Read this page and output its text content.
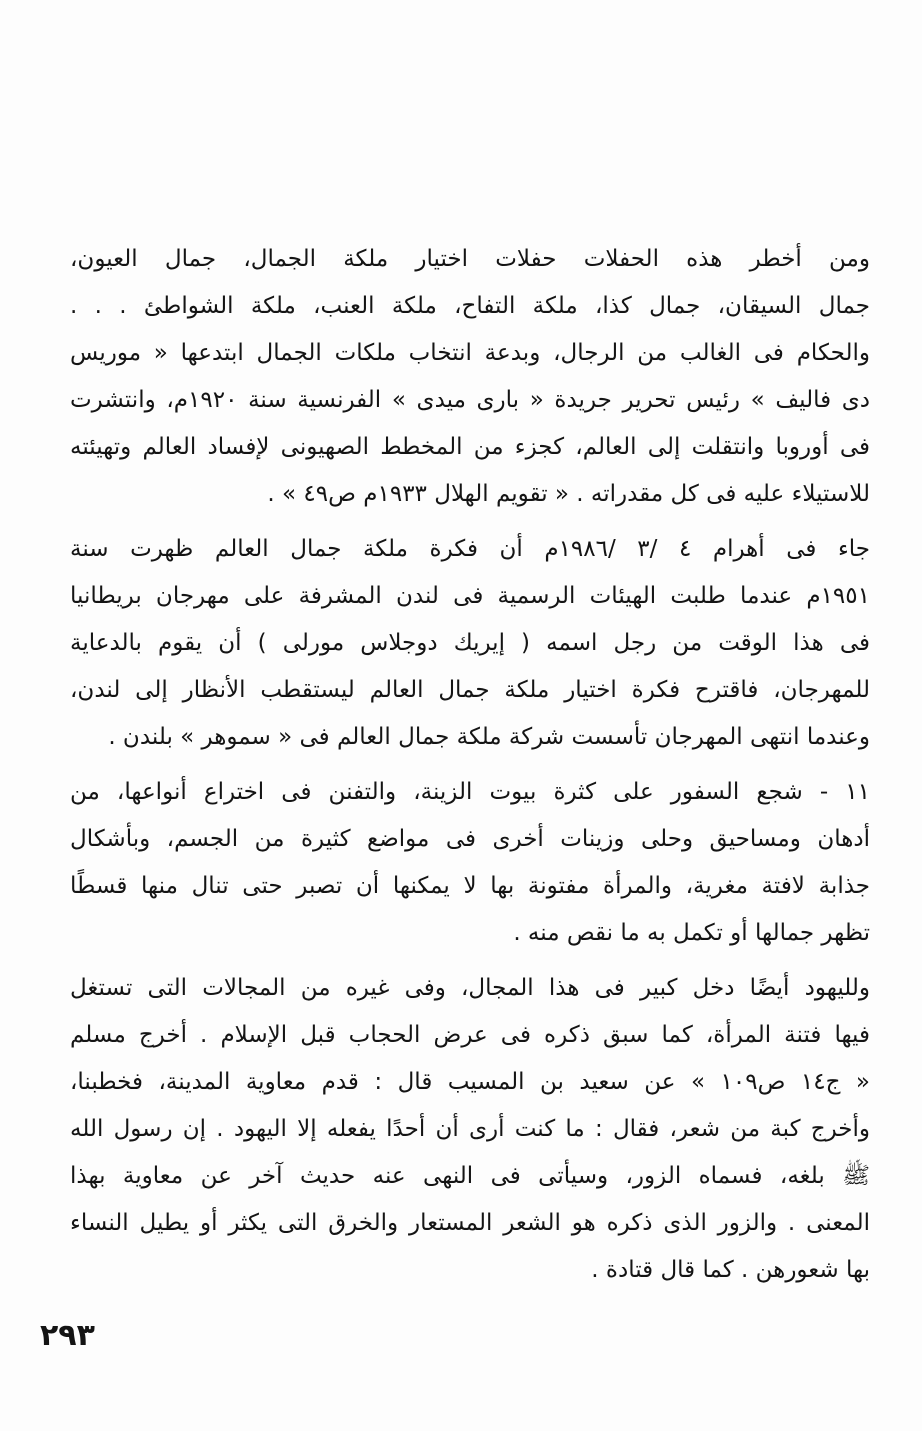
ومن أخطر هذه الحفلات حفلات اختيار ملكة الجمال، جمال العيون،
جمال السيقان، جمال كذا، ملكة التفاح، ملكة العنب، ملكة الشواطئ . . .
والحكام فى الغالب من الرجال، وبدعة انتخاب ملكات الجمال ابتدعها « موريس
دى فاليف » رئيس تحرير جريدة « بارى ميدى » الفرنسية سنة ١٩٢٠م، وانتشرت
فى أوروبا وانتقلت إلى العالم، كجزء من المخطط الصهيونى لإفساد العالم وتهيئته
للاستيلاء عليه فى كل مقدراته . « تقويم الهلال ١٩٣٣م ص٤٩ » .
جاء فى أهرام ٤ /٣ /١٩٨٦م أن فكرة ملكة جمال العالم ظهرت سنة
١٩٥١م عندما طلبت الهيئات الرسمية فى لندن المشرفة على مهرجان بريطانيا
فى هذا الوقت من رجل اسمه ( إيريك دوجلاس مورلى ) أن يقوم بالدعاية
للمهرجان، فاقترح فكرة اختيار ملكة جمال العالم ليستقطب الأنظار إلى لندن،
وعندما انتهى المهرجان تأسست شركة ملكة جمال العالم فى « سموهر » بلندن .
١١ - شجع السفور على كثرة بيوت الزينة، والتفنن فى اختراع أنواعها، من
أدهان ومساحيق وحلى وزينات أخرى فى مواضع كثيرة من الجسم، وبأشكال
جذابة لافتة مغرية، والمرأة مفتونة بها لا يمكنها أن تصبر حتى تنال منها قسطًا
تظهر جمالها أو تكمل به ما نقص منه .
ولليهود أيضًا دخل كبير فى هذا المجال، وفى غيره من المجالات التى تستغل
فيها فتنة المرأة، كما سبق ذكره فى عرض الحجاب قبل الإسلام . أخرج مسلم
« ج١٤ ص١٠٩ » عن سعيد بن المسيب قال : قدم معاوية المدينة، فخطبنا،
وأخرج كبة من شعر، فقال : ما كنت أرى أن أحدًا يفعله إلا اليهود . إن رسول الله
ﷺ بلغه، فسماه الزور، وسيأتى فى النهى عنه حديث آخر عن معاوية بهذا
المعنى . والزور الذى ذكره هو الشعر المستعار والخرق التى يكثر أو يطيل النساء
بها شعورهن . كما قال قتادة .
٢٩٣
